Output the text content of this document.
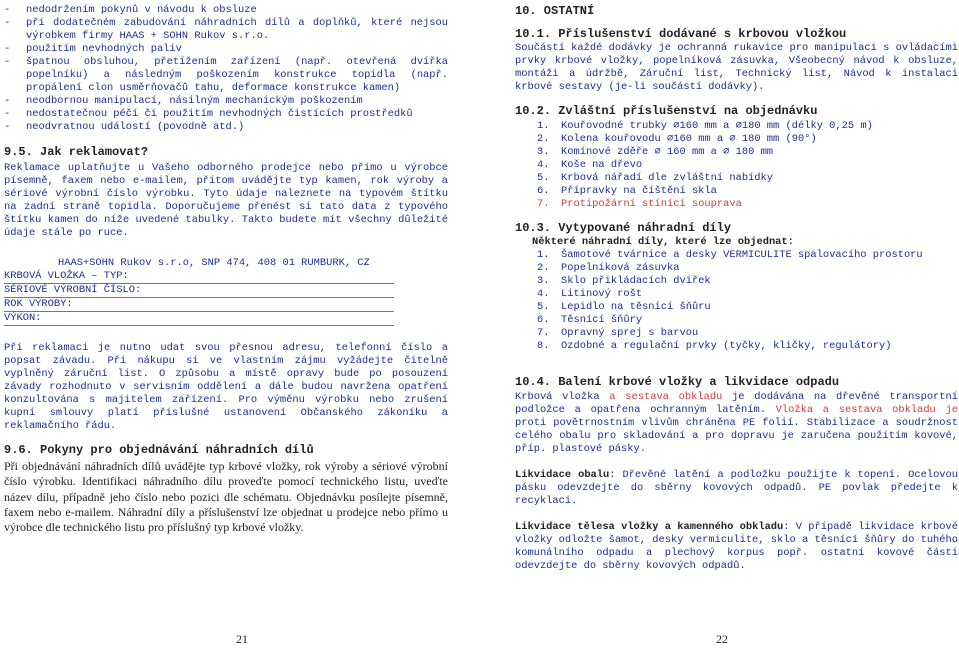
- nedodržením pokynů v návodu k obsluze
- při dodatečném zabudování náhradních dílů a doplňků, které nejsou výrobkem firmy HAAS + SOHN Rukov s.r.o.
- použitím nevhodných paliv
- špatnou obsluhou, přetížením zařízení (např. otevřená dvířka popelníku) a následným poškozením konstrukce topidla (např. propálení clon usměrňovačů tahu, deformace konstrukce kamen)
- neodbornou manipulací, násilným mechanickým poškozením
- nedostatečnou péčí či použitím nevhodných čistících prostředků
- neodvratnou událostí (povodně atd.)
9.5. Jak reklamovat?
Reklamace uplatňujte u Vašeho odborného prodejce nebo přímo u výrobce písemně, faxem nebo e-mailem, přitom uvádějte typ kamen, rok výroby a sériové výrobní číslo výrobku. Tyto údaje naleznete na typovém štítku na zadní straně topidla. Doporučujeme přenést si tato data z typového štítku kamen do níže uvedené tabulky. Takto budete mít všechny důležité údaje stále po ruce.
HAAS+SOHN Rukov s.r.o, SNP 474, 408 01 RUMBURK, CZ
KRBOVÁ VLOŽKA – TYP:
SÉRIOVÉ VÝROBNÍ ČÍSLO:
ROK VÝROBY:
VÝKON:
Při reklamaci je nutno udat svou přesnou adresu, telefonní číslo a popsat závadu. Při nákupu si ve vlastním zájmu vyžádejte čitelně vyplněný záruční list. O způsobu a místě opravy bude po posouzení závady rozhodnuto v servisním oddělení a dále budou navržena opatření konzultována s majitelem zařízení. Pro výměnu výrobku nebo zrušení kupní smlouvy platí příslušné ustanovení Občanského zákoníku a reklamačního řádu.
9.6. Pokyny pro objednávání náhradních dílů
Při objednávání náhradních dílů uvádějte typ krbové vložky, rok výroby a sériové výrobní číslo výrobku. Identifikaci náhradního dílu proveďte pomocí technického listu, uveďte název dílu, případně jeho číslo nebo pozici dle schématu. Objednávku posílejte písemně, faxem nebo e-mailem. Náhradní díly a příslušenství lze objednat u prodejce nebo přímo u výrobce dle technického listu pro příslušný typ krbové vložky.
10. OSTATNÍ
10.1. Příslušenství dodávané s krbovou vložkou
Součástí každé dodávky je ochranná rukavice pro manipulaci s ovládacími prvky krbové vložky, popelníková zásuvka, Všeobecný návod k obsluze, montáži a údržbě, Záruční list, Technický list, Návod k instalaci krbové sestavy (je-li součástí dodávky).
10.2. Zvláštní příslušenství na objednávku
1. Kouřovodné trubky ∅160 mm a ∅180 mm (délky 0,25 m)
2. Kolena kouřovodu ∅160 mm a ∅ 180 mm (90°)
3. Komínové zděře ∅ 160 mm a ∅ 180 mm
4. Koše na dřevo
5. Krbová nářadí dle zvláštní nabídky
6. Přípravky na čištění skla
7. Protipožární stínící souprava
10.3. Vytypované náhradní díly
Některé náhradní díly, které lze objednat:
1. Šamotové tvárnice a desky VERMICULITE spalovacího prostoru
2. Popelníková zásuvka
3. Sklo přikládacích dvířek
4. Litinový rošt
5. Lepidlo na těsnící šňůru
6. Těsnící šňůry
7. Opravný sprej s barvou
8. Ozdobné a regulační prvky (tyčky, kličky, regulátory)
10.4. Balení krbové vložky a likvidace odpadu
Krbová vložka a sestava obkladu je dodávána na dřevěné transportní podložce a opatřena ochranným latěním. Vložka a sestava obkladu je proti povětrnostním vlivům chráněna PE folií. Stabilizace a soudržnost celého obalu pro skladování a pro dopravu je zaručena použitím kovové, příp. plastové pásky.
Likvidace obalu: Dřevěné latění a podložku použijte k topení. Ocelovou pásku odevzdejte do sběrny kovových odpadů. PE povlak předejte k recyklaci.
Likvidace tělesa vložky a kamenného obkladu: V případě likvidace krbové vložky odložte šamot, desky vermiculite, sklo a těsnící šňůry do tuhého komunálního odpadu a plechový korpus popř. ostatní kovové části odevzdejte do sběrny kovových odpadů.
21	22
